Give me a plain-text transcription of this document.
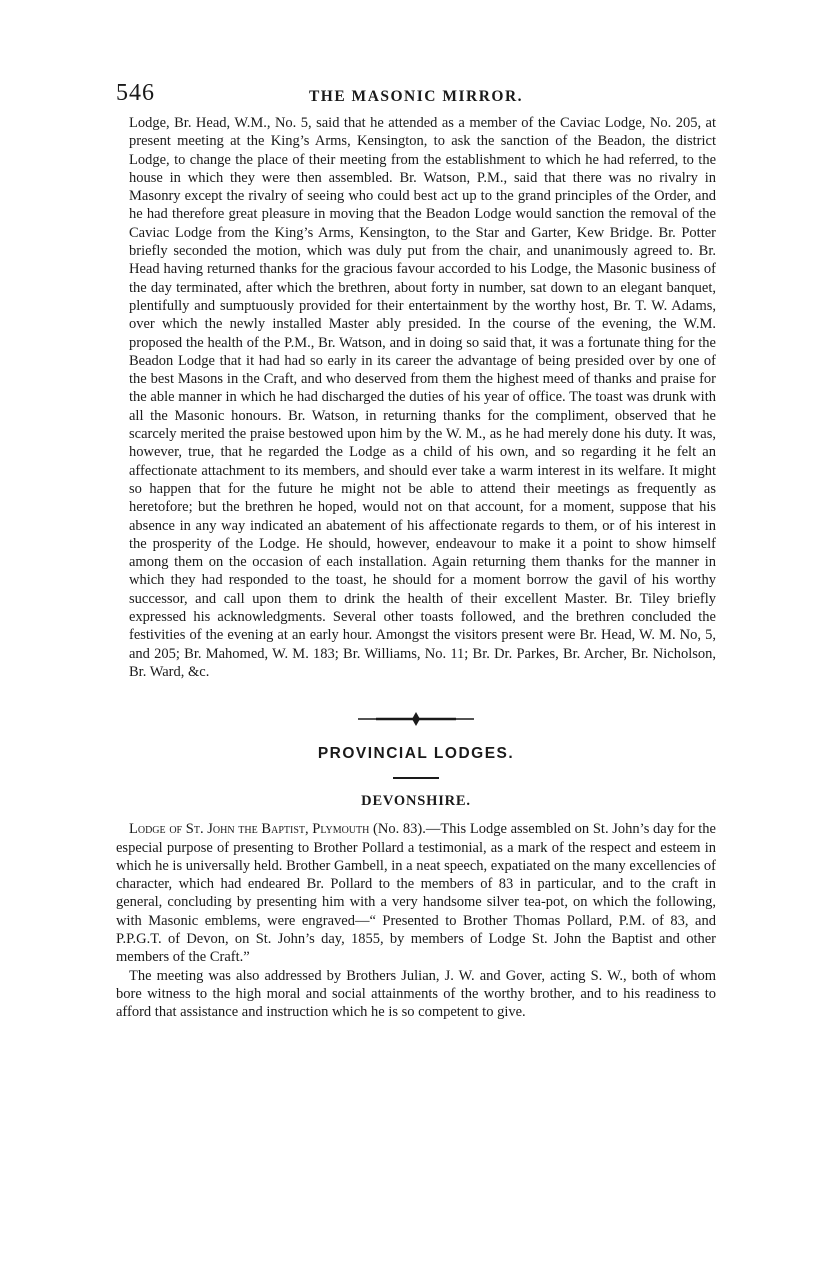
546	THE MASONIC MIRROR.

Lodge, Br. Head, W.M., No. 5, said that he attended as a member of the Caviac Lodge, No. 205, at present meeting at the King’s Arms, Kensington, to ask the sanction of the Beadon, the district Lodge, to change the place of their meeting from the establishment to which he had referred, to the house in which they were then assembled. Br. Watson, P.M., said that there was no rivalry in Masonry except the rivalry of seeing who could best act up to the grand principles of the Order, and he had therefore great pleasure in moving that the Beadon Lodge would sanction the removal of the Caviac Lodge from the King’s Arms, Kensington, to the Star and Garter, Kew Bridge. Br. Potter briefly seconded the motion, which was duly put from the chair, and unanimously agreed to. Br. Head having returned thanks for the gracious favour accorded to his Lodge, the Masonic business of the day terminated, after which the brethren, about forty in number, sat down to an elegant banquet, plentifully and sumptuously provided for their entertainment by the worthy host, Br. T. W. Adams, over which the newly installed Master ably presided. In the course of the evening, the W.M. proposed the health of the P.M., Br. Watson, and in doing so said that, it was a fortunate thing for the Beadon Lodge that it had had so early in its career the advantage of being presided over by one of the best Masons in the Craft, and who deserved from them the highest meed of thanks and praise for the able manner in which he had discharged the duties of his year of office. The toast was drunk with all the Masonic honours. Br. Watson, in returning thanks for the compliment, observed that he scarcely merited the praise bestowed upon him by the W. M., as he had merely done his duty. It was, however, true, that he regarded the Lodge as a child of his own, and so regarding it he felt an affectionate attachment to its members, and should ever take a warm interest in its welfare. It might so happen that for the future he might not be able to attend their meetings as frequently as heretofore; but the brethren he hoped, would not on that account, for a moment, suppose that his absence in any way indicated an abatement of his affectionate regards to them, or of his interest in the prosperity of the Lodge. He should, however, endeavour to make it a point to show himself among them on the occasion of each installation. Again returning them thanks for the manner in which they had responded to the toast, he should for a moment borrow the gavil of his worthy successor, and call upon them to drink the health of their excellent Master. Br. Tiley briefly expressed his acknowledgments. Several other toasts followed, and the brethren concluded the festivities of the evening at an early hour. Amongst the visitors present were Br. Head, W. M. No, 5, and 205; Br. Mahomed, W. M. 183; Br. Williams, No. 11; Br. Dr. Parkes, Br. Archer, Br. Nicholson, Br. Ward, &c.

PROVINCIAL LODGES.
DEVONSHIRE.

Lodge of St. John the Baptist, Plymouth (No. 83).—This Lodge assembled on St. John’s day for the especial purpose of presenting to Brother Pollard a testimonial, as a mark of the respect and esteem in which he is universally held. Brother Gambell, in a neat speech, expatiated on the many excellencies of character, which had endeared Br. Pollard to the members of 83 in particular, and to the craft in general, concluding by presenting him with a very handsome silver tea-pot, on which the following, with Masonic emblems, were engraved—“ Presented to Brother Thomas Pollard, P.M. of 83, and P.P.G.T. of Devon, on St. John’s day, 1855, by members of Lodge St. John the Baptist and other members of the Craft.”

The meeting was also addressed by Brothers Julian, J. W. and Gover, acting S. W., both of whom bore witness to the high moral and social attainments of the worthy brother, and to his readiness to afford that assistance and instruction which he is so competent to give.
